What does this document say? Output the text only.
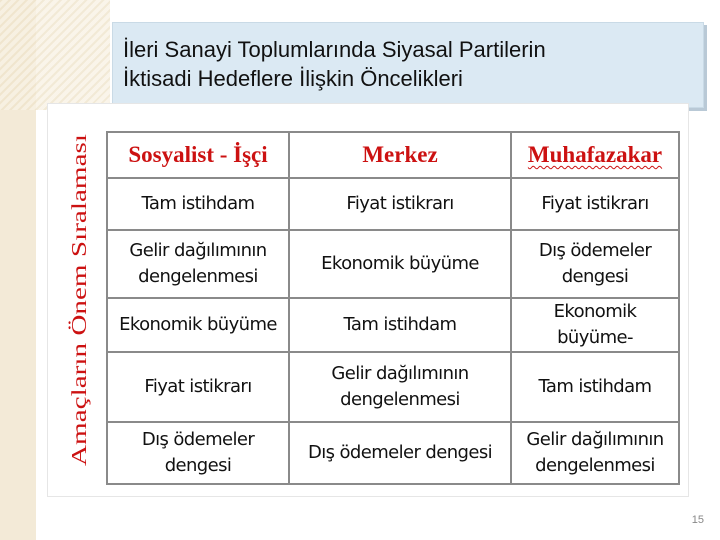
İleri Sanayi Toplumlarında Siyasal Partilerin
İktisadi Hedeflere İlişkin Öncelikleri
Amaçların Önem Sıralaması
Sosyalist - İşçi	Merkez	Muhafazakar
Tam istihdam	Fiyat istikrarı	Fiyat istikrarı
Gelir dağılımının dengelenmesi	Ekonomik büyüme	Dış ödemeler dengesi
Ekonomik büyüme	Tam istihdam	Ekonomik büyüme-
Fiyat istikrarı	Gelir dağılımının dengelenmesi	Tam istihdam
Dış ödemeler dengesi	Dış ödemeler dengesi	Gelir dağılımının dengelenmesi
15
